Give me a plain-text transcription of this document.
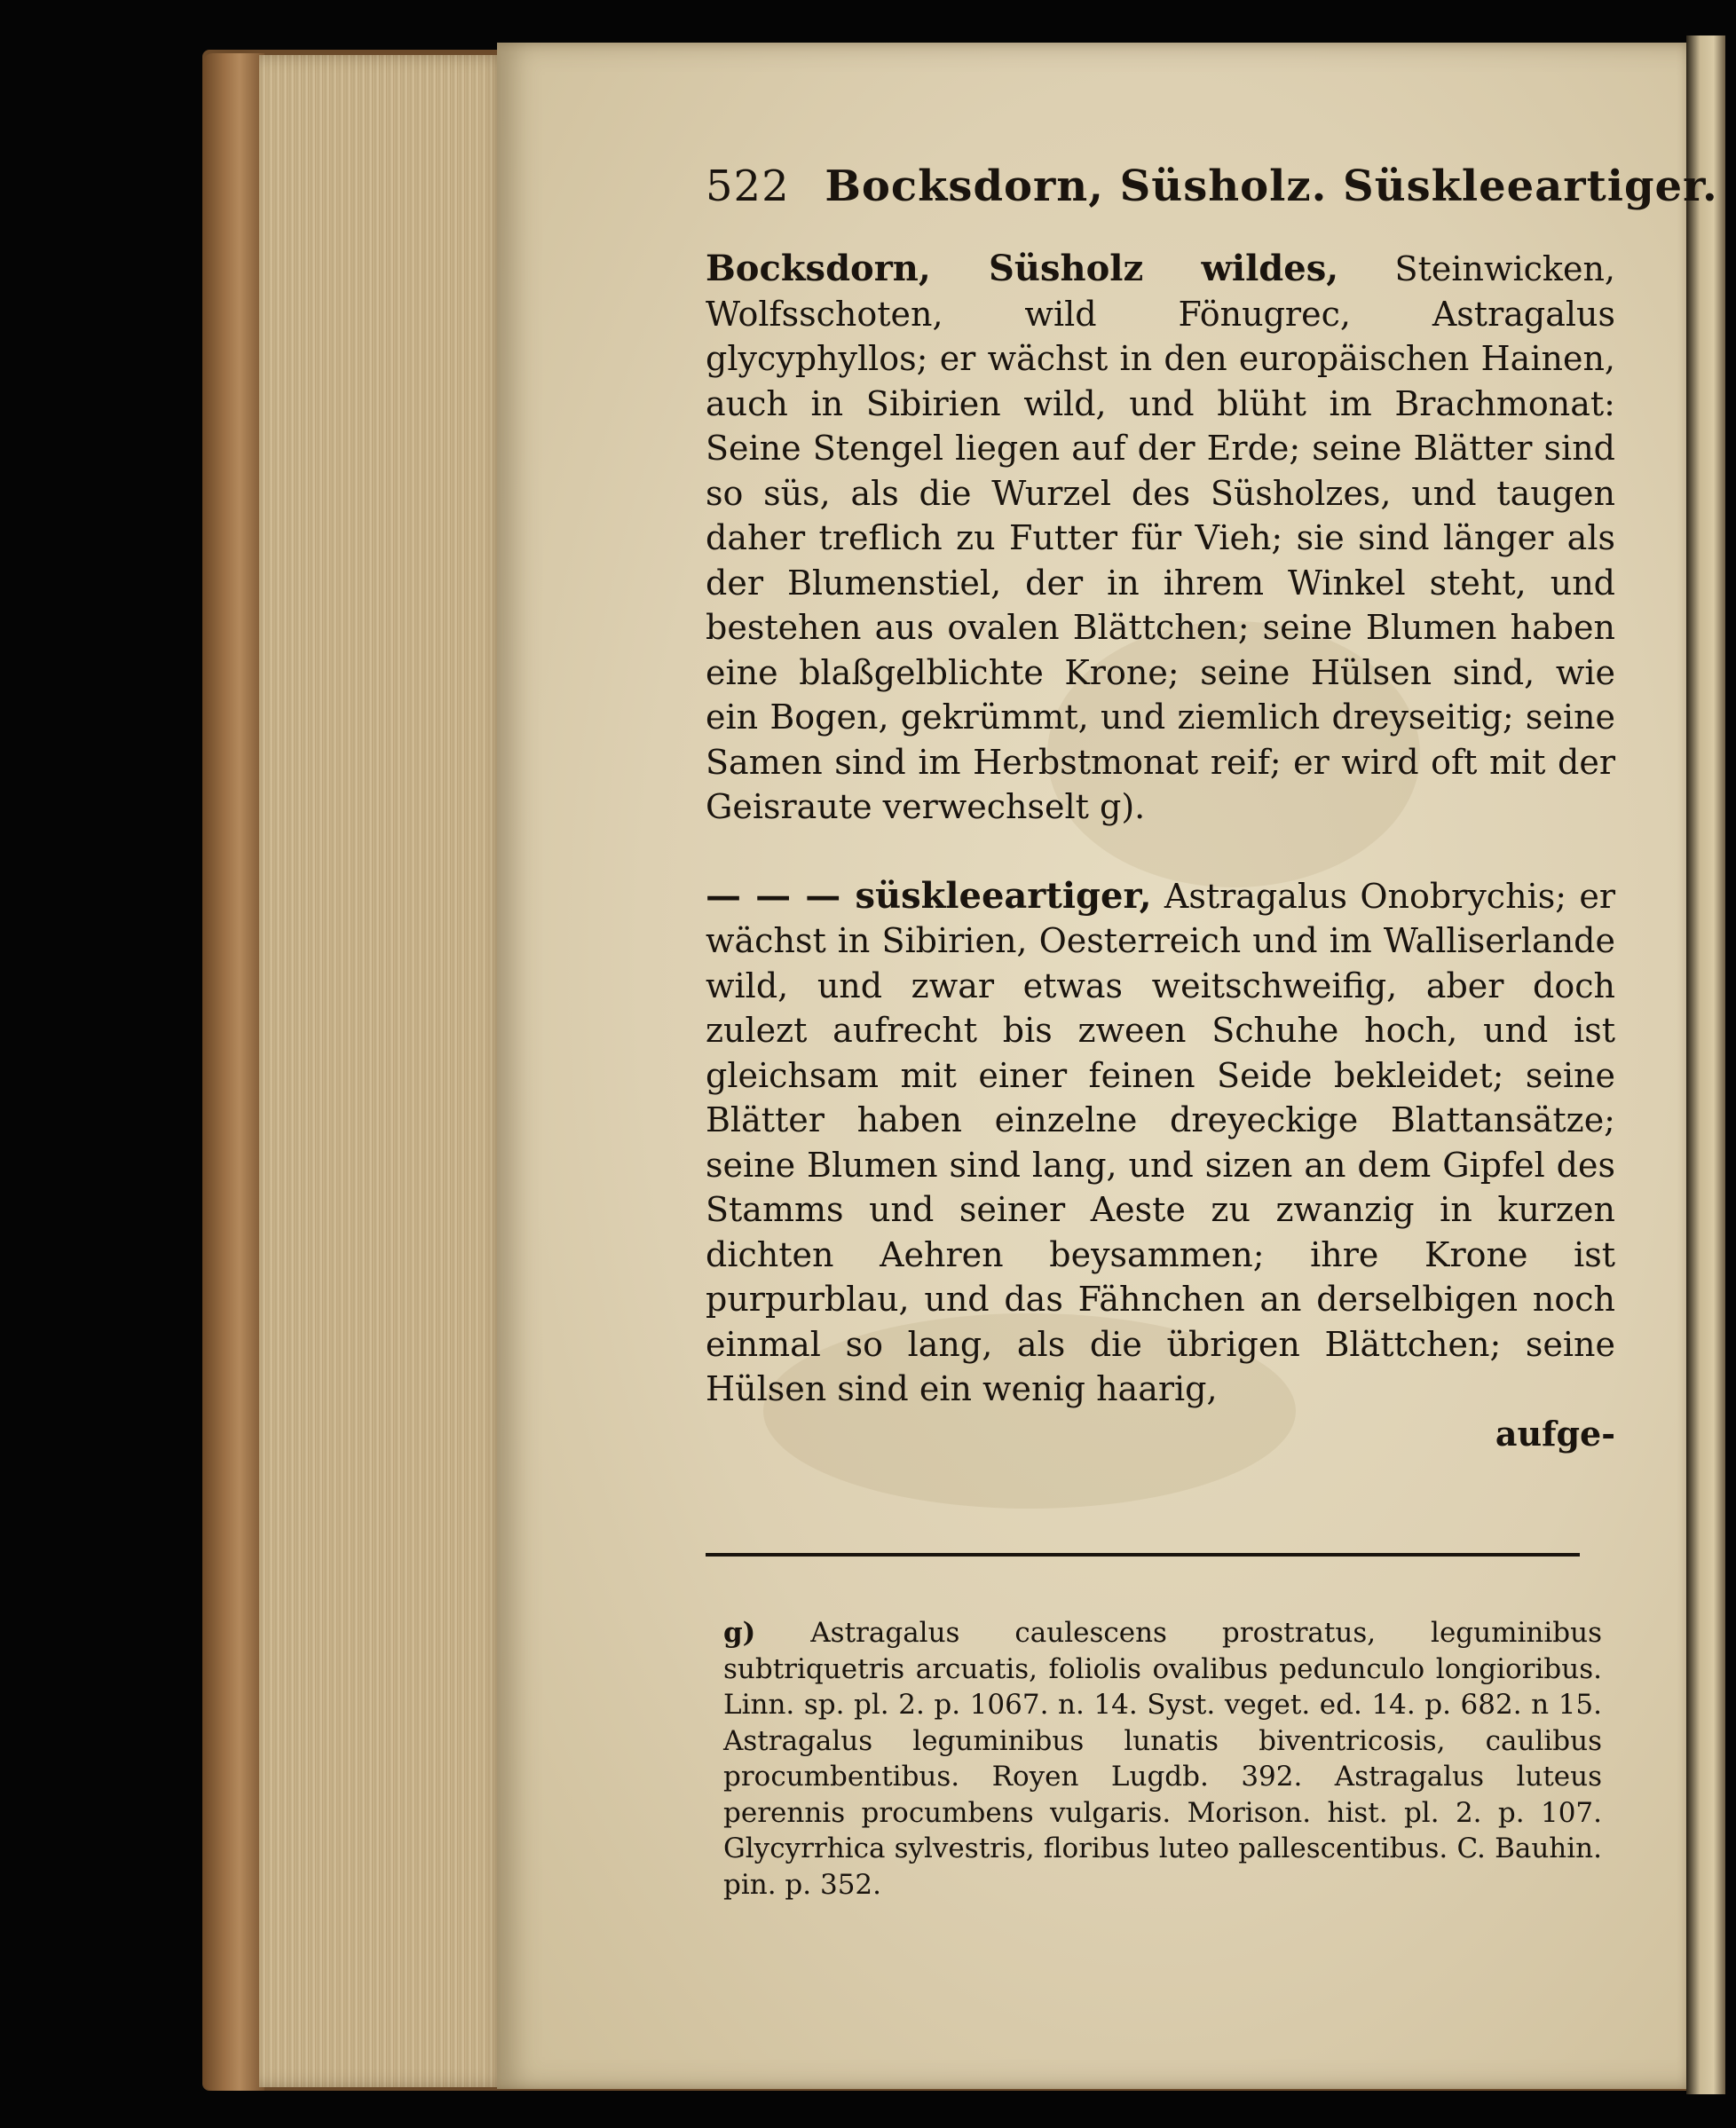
522 Bocksdorn, Süsholz. Süskleeartiger.

Bocksdorn, Süsholz wildes, Steinwicken, Wolfsschoten, wild Fönugrec, Astragalus glycyphyllos; er wächst in den europäischen Hainen, auch in Sibirien wild, und blüht im Brachmonat: Seine Stengel liegen auf der Erde; seine Blätter sind so süs, als die Wurzel des Süsholzes, und taugen daher treflich zu Futter für Vieh; sie sind länger als der Blumenstiel, der in ihrem Winkel steht, und bestehen aus ovalen Blättchen; seine Blumen haben eine blaßgelblichte Krone; seine Hülsen sind, wie ein Bogen, gekrümmt, und ziemlich dreyseitig; seine Samen sind im Herbstmonat reif; er wird oft mit der Geisraute verwechselt g).

— — — süskleeartiger, Astragalus Onobrychis; er wächst in Sibirien, Oesterreich und im Walliserlande wild, und zwar etwas weitschweifig, aber doch zulezt aufrecht bis zween Schuhe hoch, und ist gleichsam mit einer feinen Seide bekleidet; seine Blätter haben einzelne dreyeckige Blattansätze; seine Blumen sind lang, und sizen an dem Gipfel des Stamms und seiner Aeste zu zwanzig in kurzen dichten Aehren beysammen; ihre Krone ist purpurblau, und das Fähnchen an derselbigen noch einmal so lang, als die übrigen Blättchen; seine Hülsen sind ein wenig haarig,

aufge-
g) Astragalus caulescens prostratus, leguminibus subtriquetris arcuatis, foliolis ovalibus pedunculo longioribus. Linn. sp. pl. 2. p. 1067. n. 14. Syst. veget. ed. 14. p. 682. n 15. Astragalus leguminibus lunatis biventricosis, caulibus procumbentibus. Royen Lugdb. 392. Astragalus luteus perennis procumbens vulgaris. Morison. hist. pl. 2. p. 107. Glycyrrhica sylvestris, floribus luteo pallescentibus. C. Bauhin. pin. p. 352.
